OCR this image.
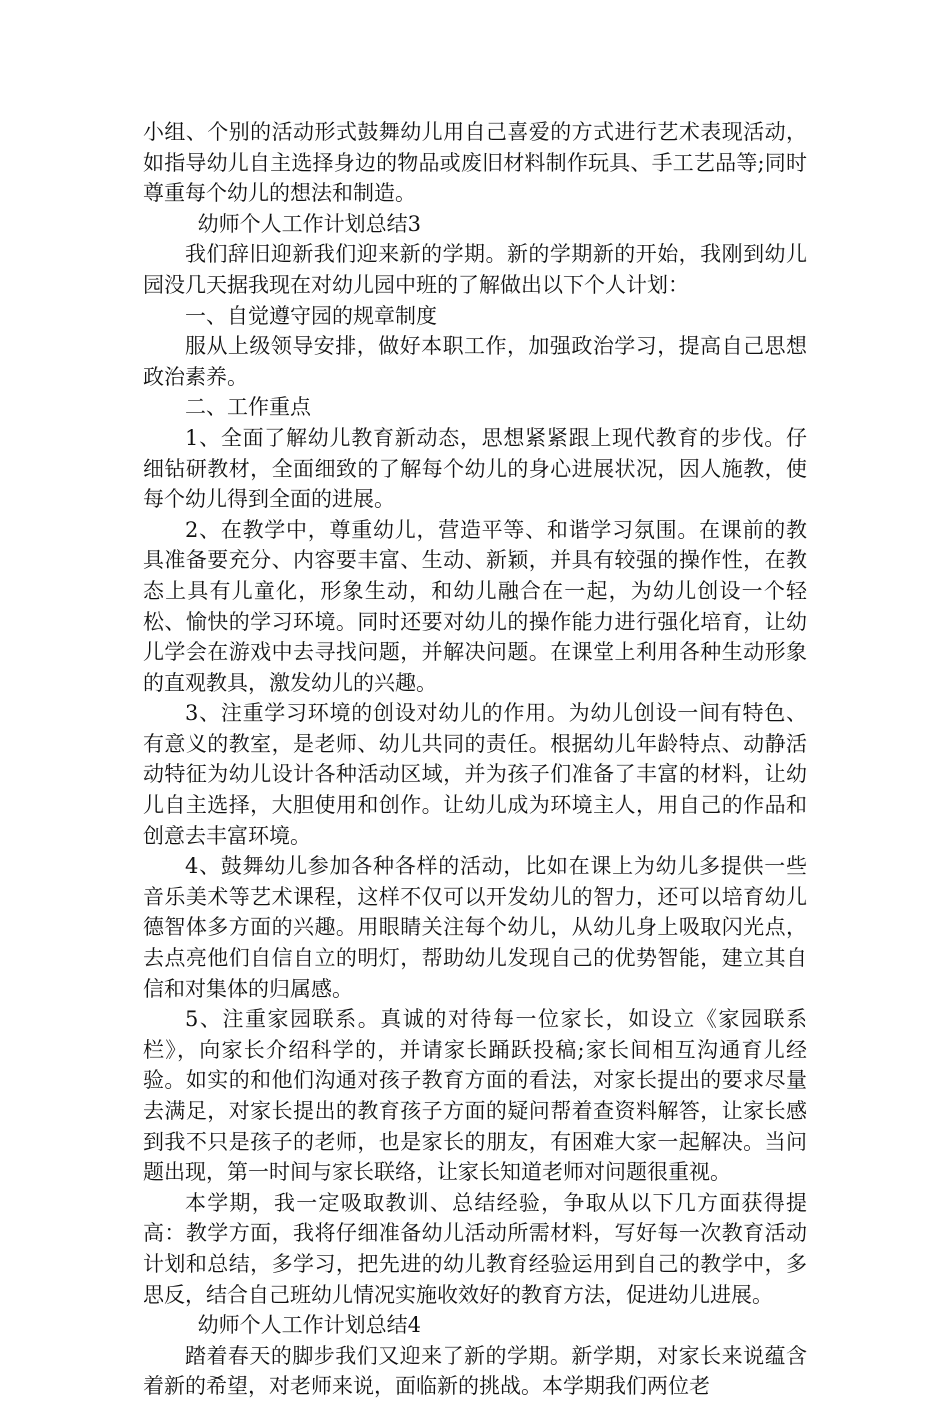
小组、个别的活动形式鼓舞幼儿用自己喜爱的方式进行艺术表现活动，如指导幼儿自主选择身边的物品或废旧材料制作玩具、手工艺品等;同时尊重每个幼儿的想法和制造。

幼师个人工作计划总结3

我们辞旧迎新我们迎来新的学期。新的学期新的开始，我刚到幼儿园没几天据我现在对幼儿园中班的了解做出以下个人计划：

一、自觉遵守园的规章制度

服从上级领导安排，做好本职工作，加强政治学习，提高自己思想政治素养。

二、工作重点

1、全面了解幼儿教育新动态，思想紧紧跟上现代教育的步伐。仔细钻研教材，全面细致的了解每个幼儿的身心进展状况，因人施教，使每个幼儿得到全面的进展。

2、在教学中，尊重幼儿，营造平等、和谐学习氛围。在课前的教具准备要充分、内容要丰富、生动、新颖，并具有较强的操作性，在教态上具有儿童化，形象生动，和幼儿融合在一起，为幼儿创设一个轻松、愉快的学习环境。同时还要对幼儿的操作能力进行强化培育，让幼儿学会在游戏中去寻找问题，并解决问题。在课堂上利用各种生动形象的直观教具，激发幼儿的兴趣。

3、注重学习环境的创设对幼儿的作用。为幼儿创设一间有特色、有意义的教室，是老师、幼儿共同的责任。根据幼儿年龄特点、动静活动特征为幼儿设计各种活动区域，并为孩子们准备了丰富的材料，让幼儿自主选择，大胆使用和创作。让幼儿成为环境主人，用自己的作品和创意去丰富环境。

4、鼓舞幼儿参加各种各样的活动，比如在课上为幼儿多提供一些音乐美术等艺术课程，这样不仅可以开发幼儿的智力，还可以培育幼儿德智体多方面的兴趣。用眼睛关注每个幼儿，从幼儿身上吸取闪光点，去点亮他们自信自立的明灯，帮助幼儿发现自己的优势智能，建立其自信和对集体的归属感。

5、注重家园联系。真诚的对待每一位家长，如设立《家园联系栏》，向家长介绍科学的，并请家长踊跃投稿;家长间相互沟通育儿经验。如实的和他们沟通对孩子教育方面的看法，对家长提出的要求尽量去满足，对家长提出的教育孩子方面的疑问帮着查资料解答，让家长感到我不只是孩子的老师，也是家长的朋友，有困难大家一起解决。当问题出现，第一时间与家长联络，让家长知道老师对问题很重视。

本学期，我一定吸取教训、总结经验，争取从以下几方面获得提高：教学方面，我将仔细准备幼儿活动所需材料，写好每一次教育活动计划和总结，多学习，把先进的幼儿教育经验运用到自己的教学中，多思反，结合自己班幼儿情况实施收效好的教育方法，促进幼儿进展。

幼师个人工作计划总结4

踏着春天的脚步我们又迎来了新的学期。新学期，对家长来说蕴含着新的希望，对老师来说，面临新的挑战。本学期我们两位老
